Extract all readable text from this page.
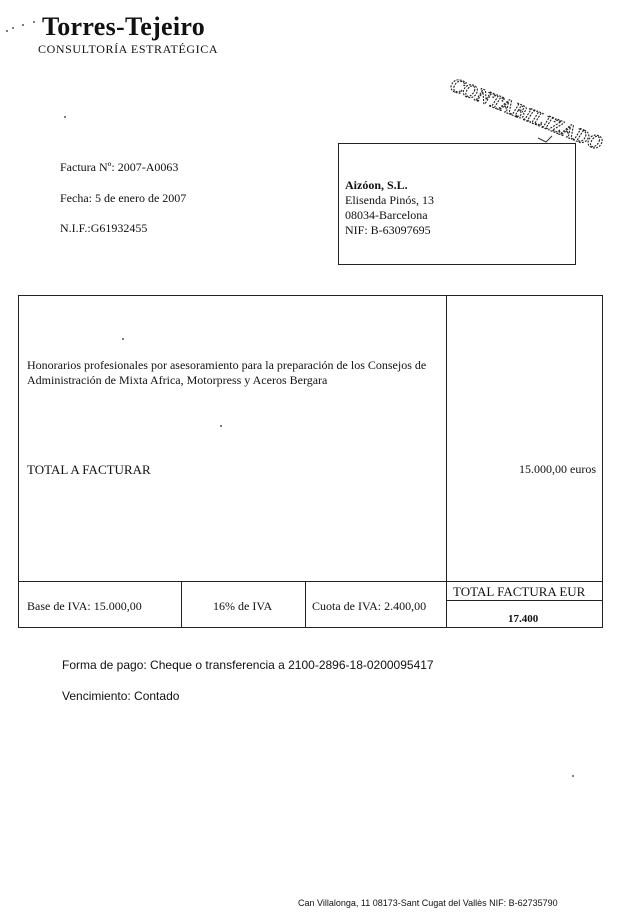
Torres-Tejeiro
CONSULTORÍA ESTRATÉGICA
CONTABILIZADO
Factura Nº: 2007-A0063
Fecha: 5 de enero de 2007
N.I.F.:G61932455
Aizóon, S.L.
Elisenda Pinós, 13
08034-Barcelona
NIF: B-63097695
Honorarios profesionales por asesoramiento para la preparación de los Consejos de Administración de Mixta Africa, Motorpress y Aceros Bergara
TOTAL A FACTURAR	15.000,00 euros
Base de IVA: 15.000,00	16% de IVA	Cuota de IVA: 2.400,00
TOTAL FACTURA EUR
17.400
Forma de pago: Cheque o transferencia a 2100-2896-18-0200095417
Vencimiento: Contado
Can Villalonga, 11 08173-Sant Cugat del Vallès NIF: B-62735790
